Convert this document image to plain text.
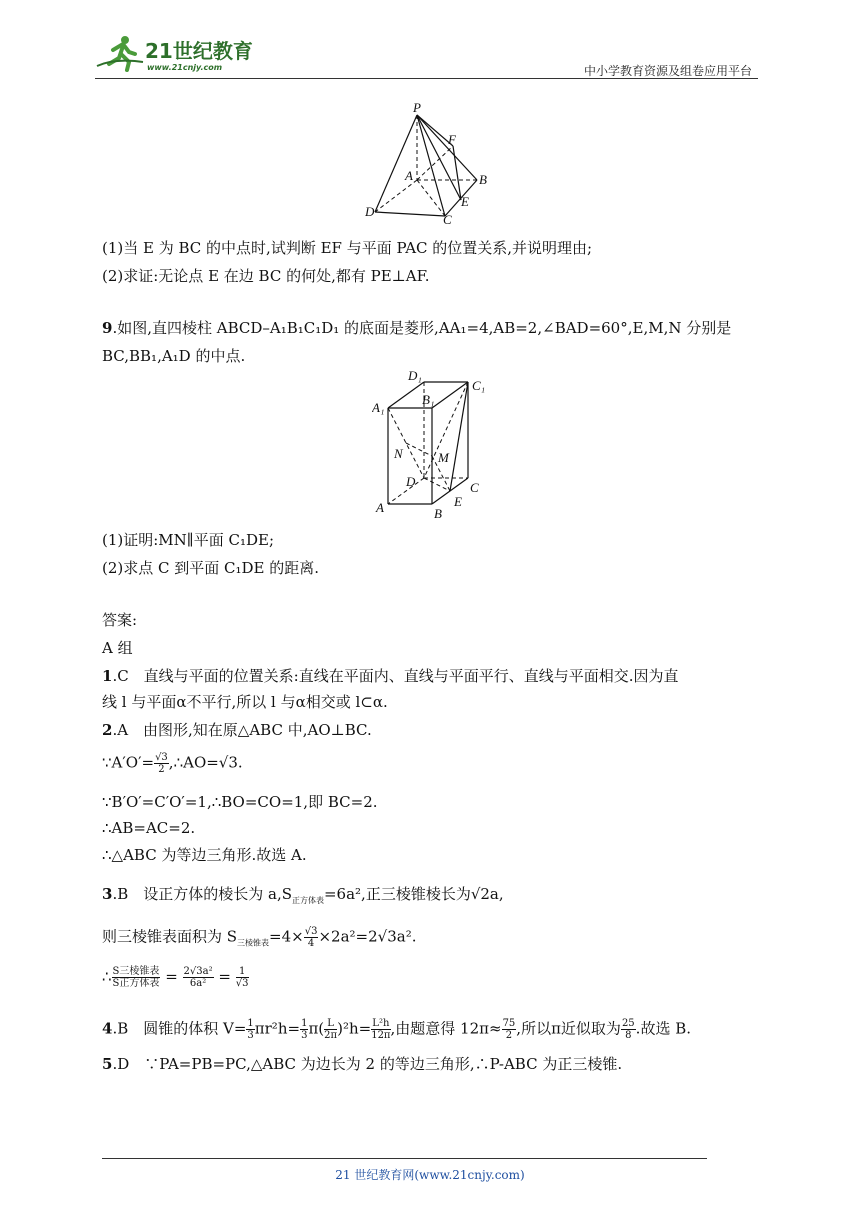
21世纪教育
www.21cnjy.com	中小学教育资源及组卷应用平台
P
F
A	B
E
C
D
(1)当 E 为 BC 的中点时,试判断 EF 与平面 PAC 的位置关系,并说明理由;
(2)求证:无论点 E 在边 BC 的何处,都有 PE⊥AF.
9.如图,直四棱柱 ABCD–A₁B₁C₁D₁ 的底面是菱形,AA₁=4,AB=2,∠BAD=60°,E,M,N 分别是
BC,BB₁,A₁D 的中点.
D₁
C₁
A₁
B₁
N	M
D	C
A	E
B
(1)证明:MN∥平面 C₁DE;
(2)求点 C 到平面 C₁DE 的距离.
答案:
A 组
1.C　直线与平面的位置关系:直线在平面内、直线与平面平行、直线与平面相交.因为直
线 l 与平面α不平行,所以 l 与α相交或 l⊂α.
2.A　由图形,知在原△ABC 中,AO⊥BC.
∵A′O′= $\frac{√3}{2}$ ,∴AO=√3.
∵B′O′=C′O′=1,∴BO=CO=1,即 BC=2.
∴AB=AC=2.
∴△ABC 为等边三角形.故选 A.
3.B　设正方体的棱长为 $a,S_{正方体表}=6a^2$,正三棱锥棱长为√2a,
则三棱锥表面积为 $S_{三棱锥表}=4\times \frac{√3}{4} \times 2a^2=2√3a^2$.
∴ $\frac{\text{S三棱锥表}}{\text{S正方体表}} = \frac{\text{2√3a²}}{\text{6a²}} = \frac{1}{√3}$
4.B　圆锥的体积 $V= \frac{1}{3} \pi r^2h= \frac{1}{3} \pi( \frac{L}{2\pi} )^2h= \frac{\text{L²h}}{12\pi}$ ,由题意得 $12\pi\approx \frac{75}{2}$ ,所以π近似取为 $\frac{25}{8}$ .故选 B.
5.D　∵PA=PB=PC,△ABC 为边长为 2 的等边三角形,∴P-ABC 为正三棱锥.
21 世纪教育网(www.21cnjy.com)
